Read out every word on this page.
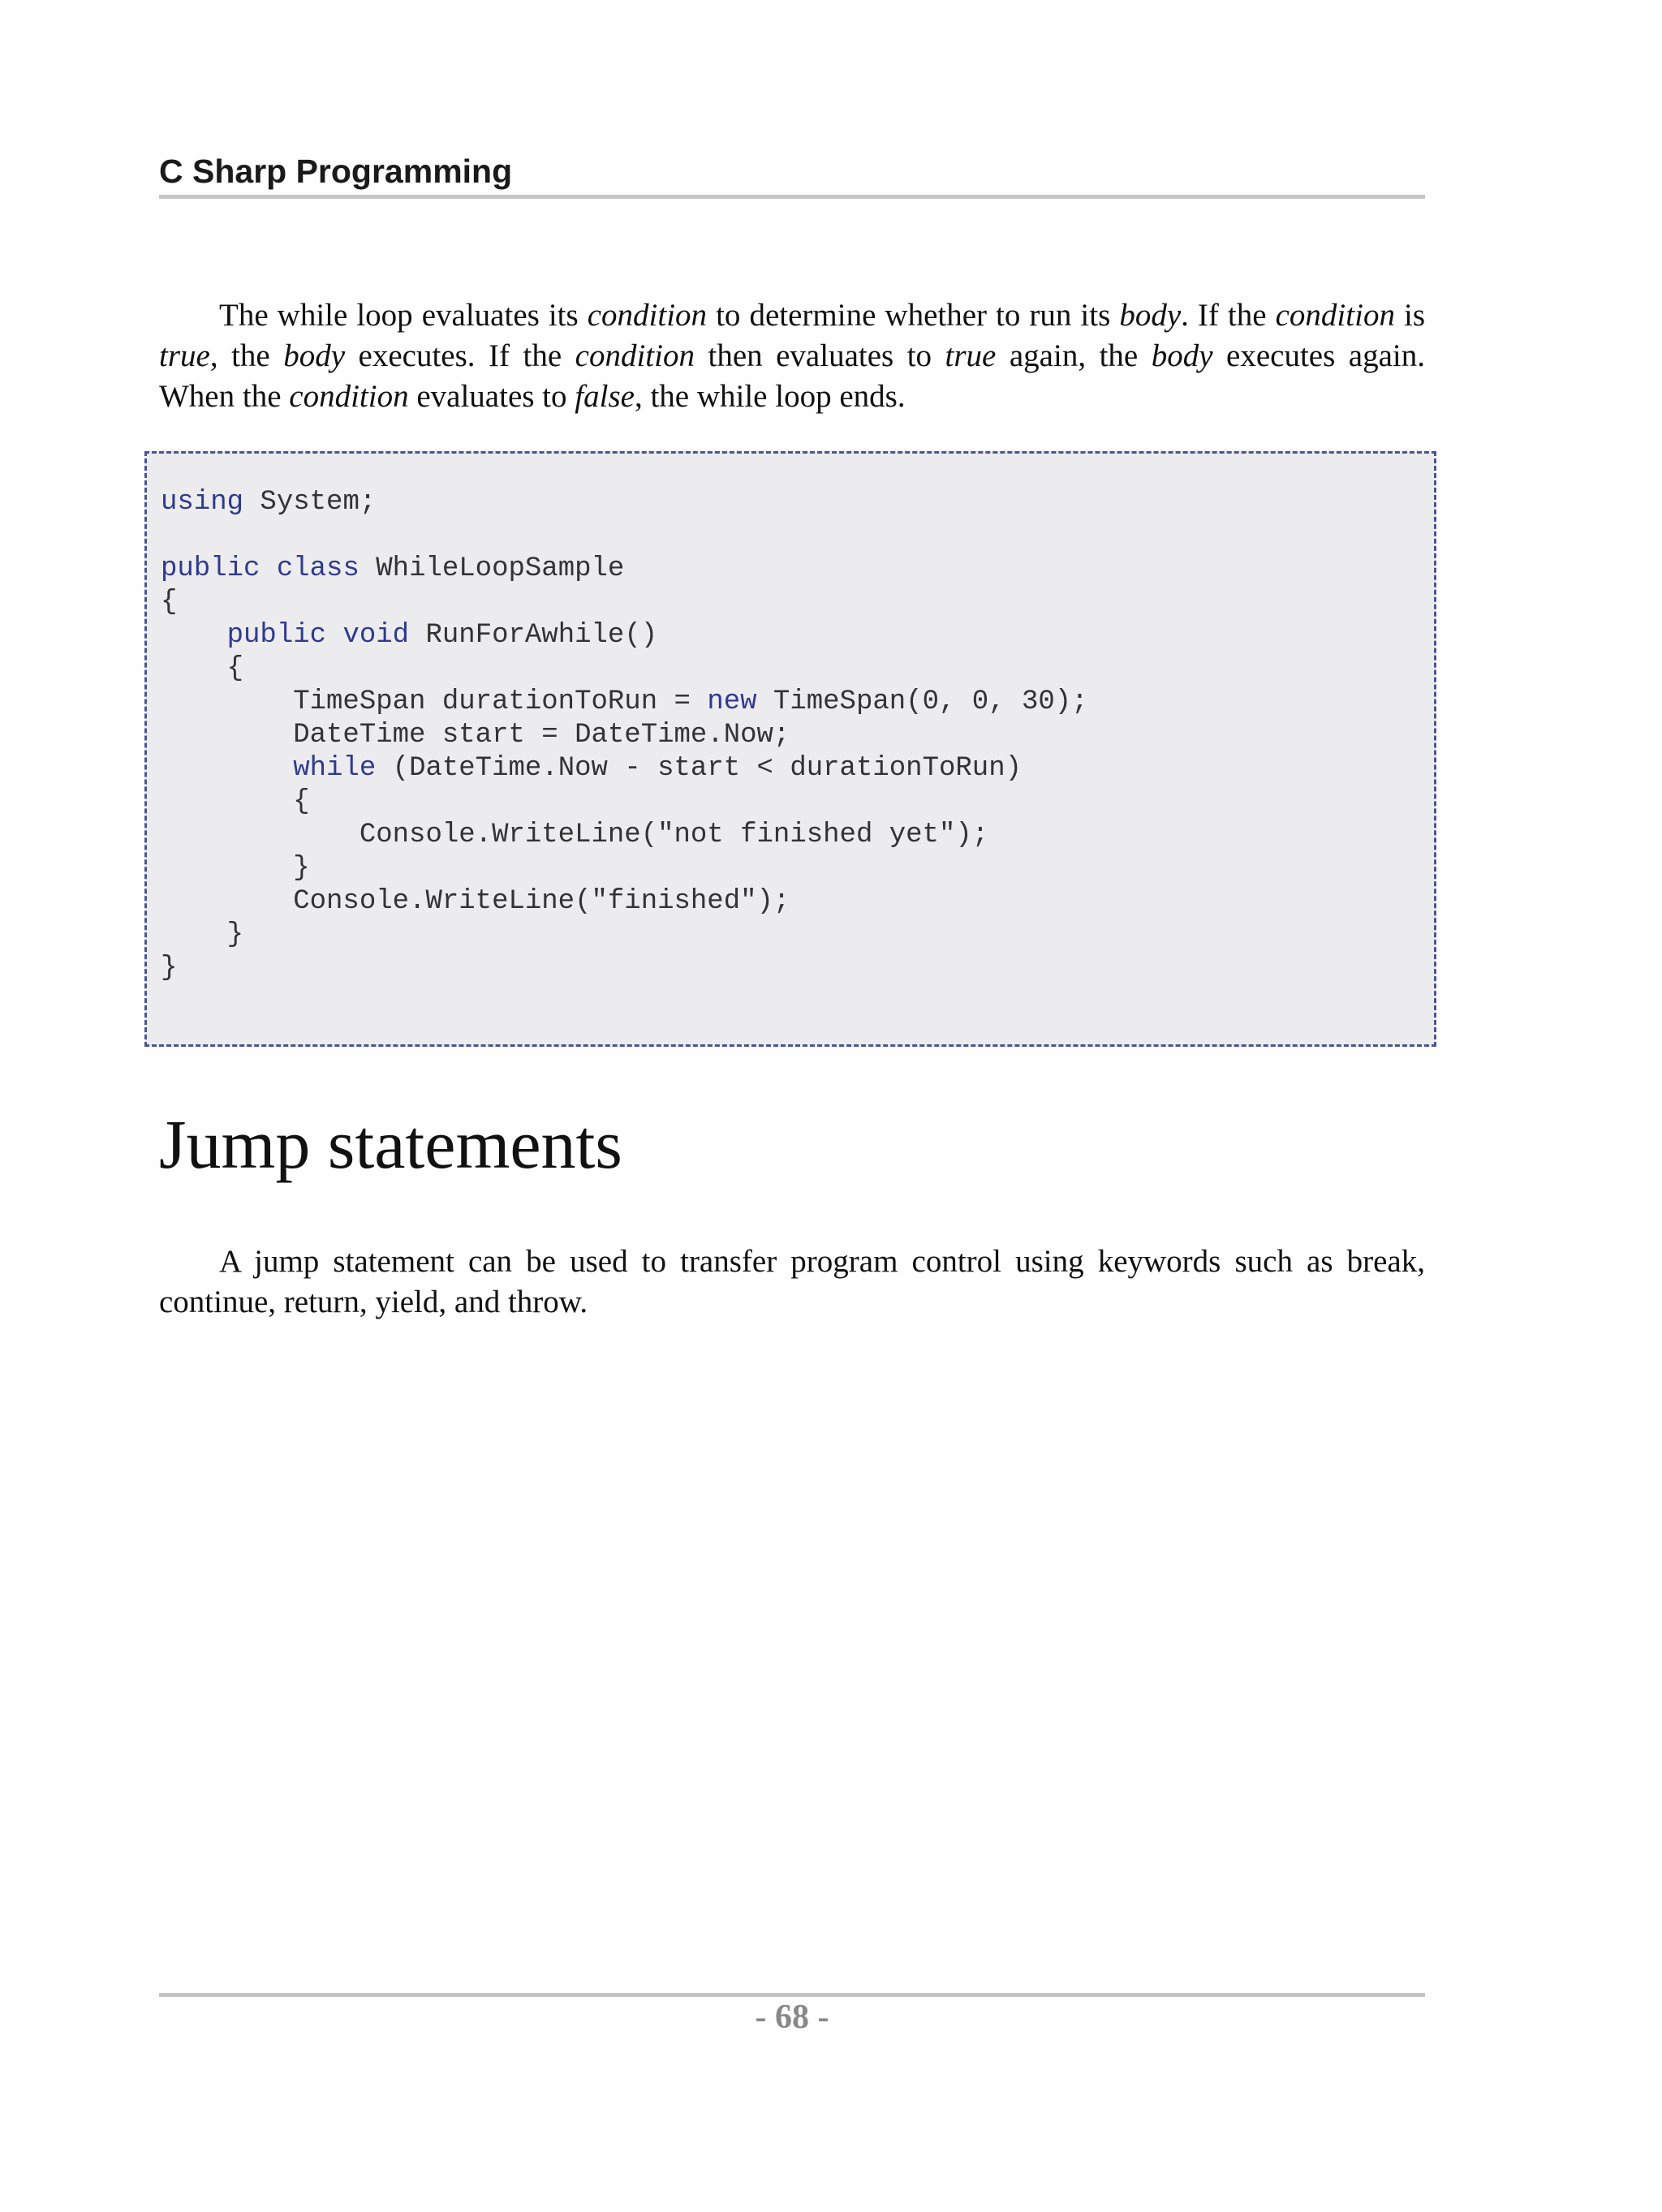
C Sharp Programming

The while loop evaluates its condition to determine whether to run its body. If the condition is true, the body executes. If the condition then evaluates to true again, the body executes again. When the condition evaluates to false, the while loop ends.

using System;
public class WhileLoopSample
{
public void RunForAwhile()
{
TimeSpan durationToRun = new TimeSpan(0, 0, 30);
DateTime start = DateTime.Now;
while (DateTime.Now - start < durationToRun)
{
Console.WriteLine("not finished yet");
}
Console.WriteLine("finished");
}
}
Jump statements

A jump statement can be used to transfer program control using keywords such as break, continue, return, yield, and throw.

- 68 -
